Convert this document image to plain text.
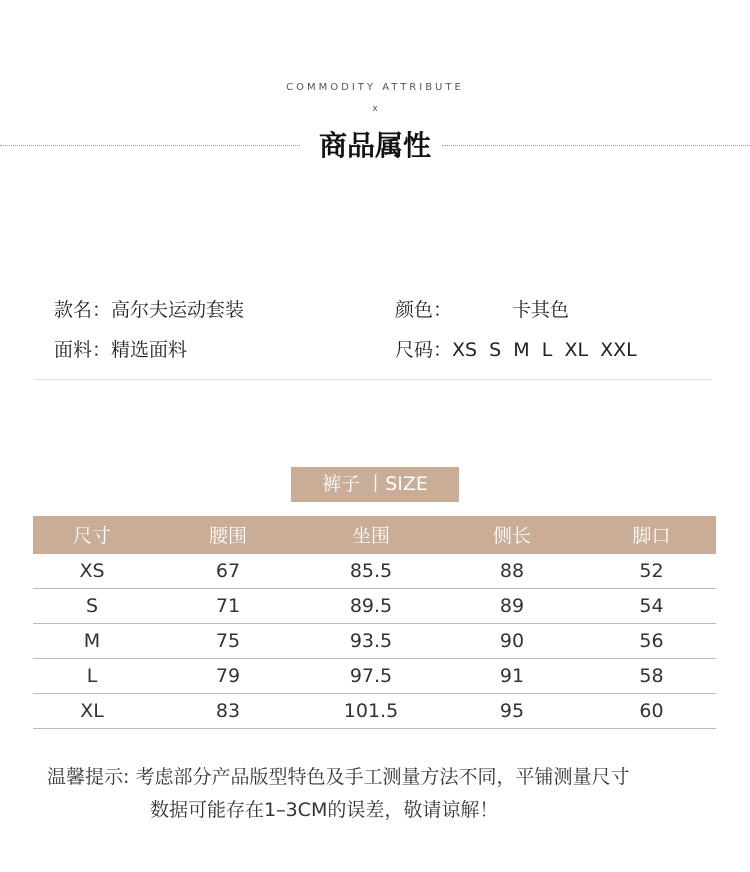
COMMODITY ATTRIBUTE
x
商品属性
款名：高尔夫运动套装	颜色：	卡其色
面料：精选面料	尺码：XS  S  M  L  XL  XXL
裤子 丨SIZE
尺寸	腰围	坐围	侧长	脚口
XS	67	85.5	88	52
S	71	89.5	89	54
M	75	93.5	90	56
L	79	97.5	91	58
XL	83	101.5	95	60
温馨提示: 考虑部分产品版型特色及手工测量方法不同，平铺测量尺寸
数据可能存在1–3CM的误差，敬请谅解！
